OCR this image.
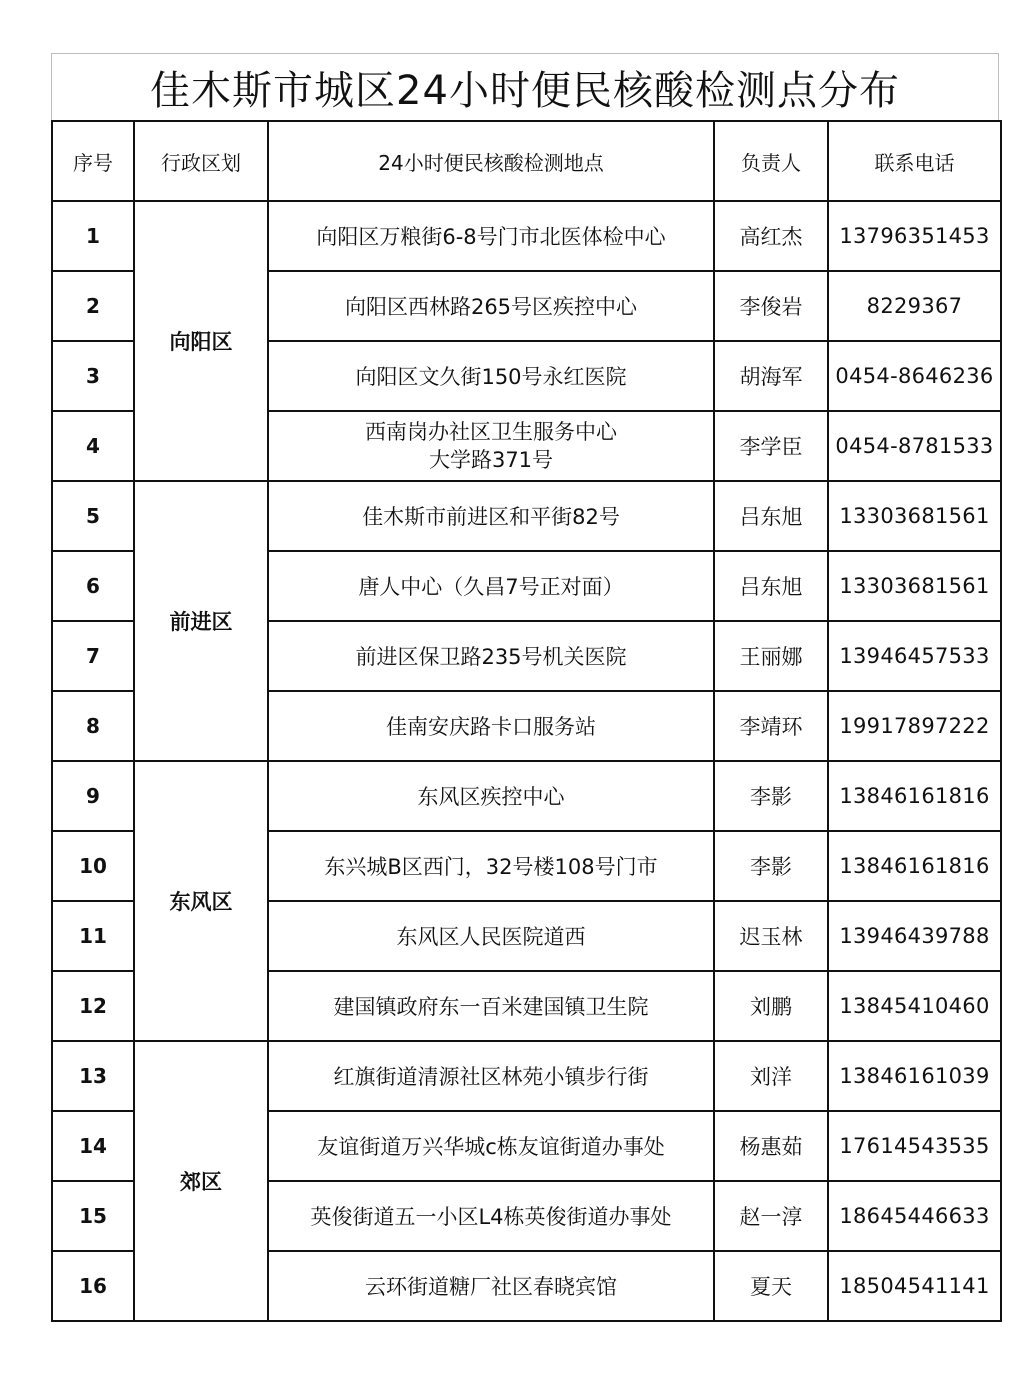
佳木斯市城区24小时便民核酸检测点分布
序号	行政区划	24小时便民核酸检测地点	负责人	联系电话
1	向阳区	向阳区万粮街6-8号门市北医体检中心	高红杰	13796351453
2		向阳区西林路265号区疾控中心	李俊岩	8229367
3		向阳区文久街150号永红医院	胡海军	0454-8646236
4		西南岗办社区卫生服务中心
大学路371号	李学臣	0454-8781533
5	前进区	佳木斯市前进区和平街82号	吕东旭	13303681561
6		唐人中心（久昌7号正对面）	吕东旭	13303681561
7		前进区保卫路235号机关医院	王丽娜	13946457533
8		佳南安庆路卡口服务站	李靖环	19917897222
9	东风区	东风区疾控中心	李影	13846161816
10		东兴城B区西门，32号楼108号门市	李影	13846161816
11		东风区人民医院道西	迟玉林	13946439788
12		建国镇政府东一百米建国镇卫生院	刘鹏	13845410460
13	郊区	红旗街道清源社区林苑小镇步行街	刘洋	13846161039
14		友谊街道万兴华城c栋友谊街道办事处	杨惠茹	17614543535
15		英俊街道五一小区L4栋英俊街道办事处	赵一淳	18645446633
16		云环街道糖厂社区春晓宾馆	夏天	18504541141
